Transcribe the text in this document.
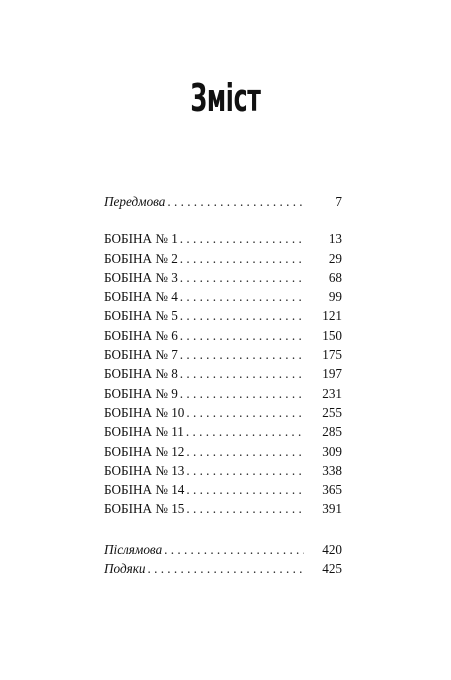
Зміст
Передмова . . .	7
БОБІНА № 1 . . .	13
БОБІНА № 2 . . .	29
БОБІНА № 3 . . .	68
БОБІНА № 4 . . .	99
БОБІНА № 5 . . .	121
БОБІНА № 6 . . .	150
БОБІНА № 7 . . .	175
БОБІНА № 8 . . .	197
БОБІНА № 9 . . .	231
БОБІНА № 10 . . .	255
БОБІНА № 11 . . .	285
БОБІНА № 12 . . .	309
БОБІНА № 13 . . .	338
БОБІНА № 14 . . .	365
БОБІНА № 15 . . .	391
Післямова . . .	420
Подяки . . .	425
